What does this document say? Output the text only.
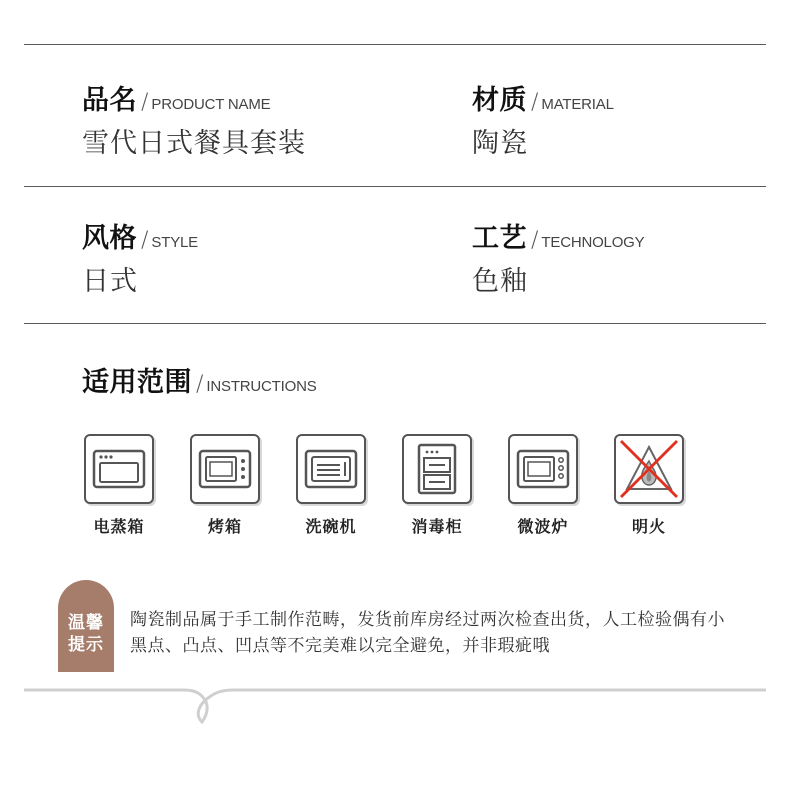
品名 / PRODUCT NAME
雪代日式餐具套装
材质 / MATERIAL
陶瓷
风格 / STYLE
日式
工艺 / TECHNOLOGY
色釉
适用范围 / INSTRUCTIONS
电蒸箱	烤箱	洗碗机	消毒柜	微波炉	明火
温馨
提示
陶瓷制品属于手工制作范畴，发货前库房经过两次检查出货，人工检验偶有小黑点、凸点、凹点等不完美难以完全避免，并非瑕疵哦
